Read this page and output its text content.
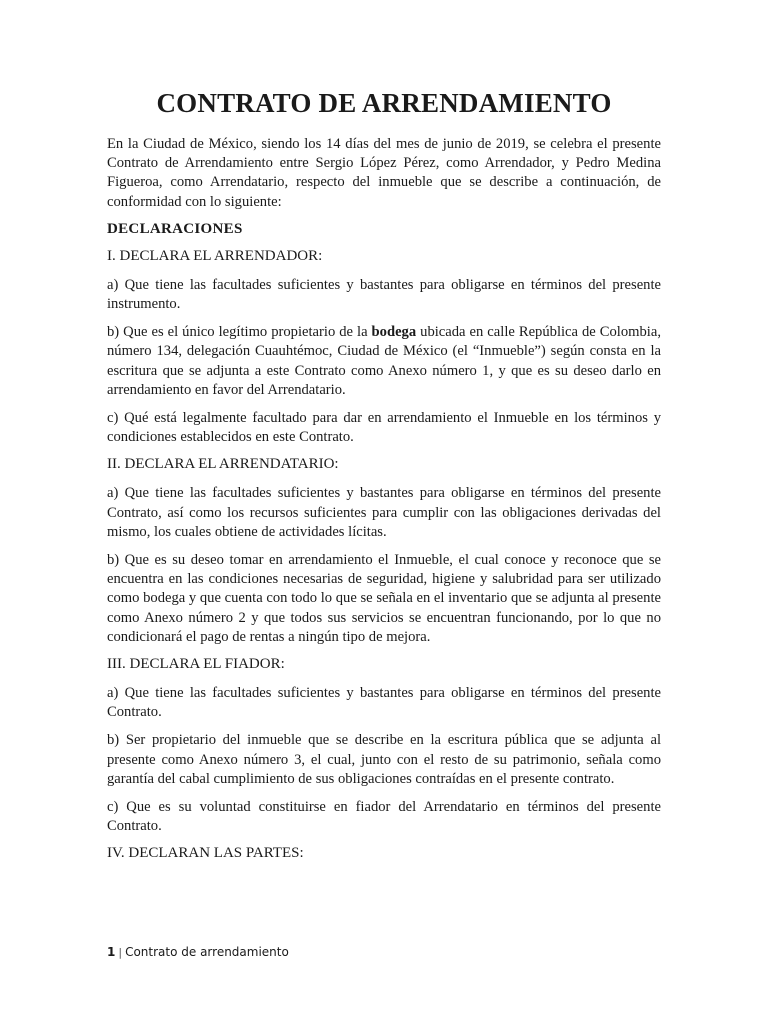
CONTRATO DE ARRENDAMIENTO

En la Ciudad de México, siendo los 14 días del mes de junio de 2019, se celebra el presente Contrato de Arrendamiento entre Sergio López Pérez, como Arrendador, y Pedro Medina Figueroa, como Arrendatario, respecto del inmueble que se describe a continuación, de conformidad con lo siguiente:

DECLARACIONES
I. DECLARA EL ARRENDADOR:

a) Que tiene las facultades suficientes y bastantes para obligarse en términos del presente instrumento.

b) Que es el único legítimo propietario de la bodega ubicada en calle República de Colombia, número 134, delegación Cuauhtémoc, Ciudad de México (el “Inmueble”) según consta en la escritura que se adjunta a este Contrato como Anexo número 1, y que es su deseo darlo en arrendamiento en favor del Arrendatario.

c) Qué está legalmente facultado para dar en arrendamiento el Inmueble en los términos y condiciones establecidos en este Contrato.

II. DECLARA EL ARRENDATARIO:

a) Que tiene las facultades suficientes y bastantes para obligarse en términos del presente Contrato, así como los recursos suficientes para cumplir con las obligaciones derivadas del mismo, los cuales obtiene de actividades lícitas.

b) Que es su deseo tomar en arrendamiento el Inmueble, el cual conoce y reconoce que se encuentra en las condiciones necesarias de seguridad, higiene y salubridad para ser utilizado como bodega y que cuenta con todo lo que se señala en el inventario que se adjunta al presente como Anexo número 2 y que todos sus servicios se encuentran funcionando, por lo que no condicionará el pago de rentas a ningún tipo de mejora.

III. DECLARA EL FIADOR:

a) Que tiene las facultades suficientes y bastantes para obligarse en términos del presente Contrato.

b) Ser propietario del inmueble que se describe en la escritura pública que se adjunta al presente como Anexo número 3, el cual, junto con el resto de su patrimonio, señala como garantía del cabal cumplimiento de sus obligaciones contraídas en el presente contrato.

c) Que es su voluntad constituirse en fiador del Arrendatario en términos del presente Contrato.

IV. DECLARAN LAS PARTES:
1 | Contrato de arrendamiento
